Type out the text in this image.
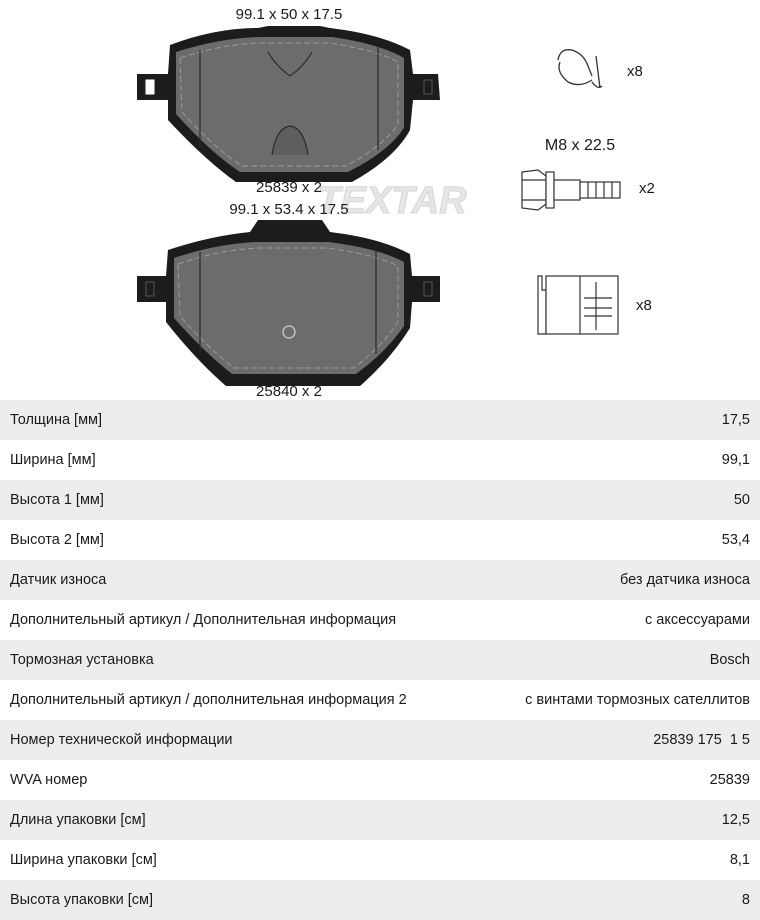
TEXTAR
99.1 x 50 x 17.5
25839 x 2
99.1 x 53.4 x 17.5
25840 x 2
x8
M8 x 22.5
x2
x8
Толщина [мм]	17,5
Ширина [мм]	99,1
Высота 1 [мм]	50
Высота 2 [мм]	53,4
Датчик износа	без датчика износа
Дополнительный артикул / Дополнительная информация	с аксессуарами
Тормозная установка	Bosch
Дополнительный артикул / дополнительная информация 2	с винтами тормозных сателлитов
Номер технической информации	25839 175  1 5
WVA номер	25839
Длина упаковки [см]	12,5
Ширина упаковки [см]	8,1
Высота упаковки [см]	8
